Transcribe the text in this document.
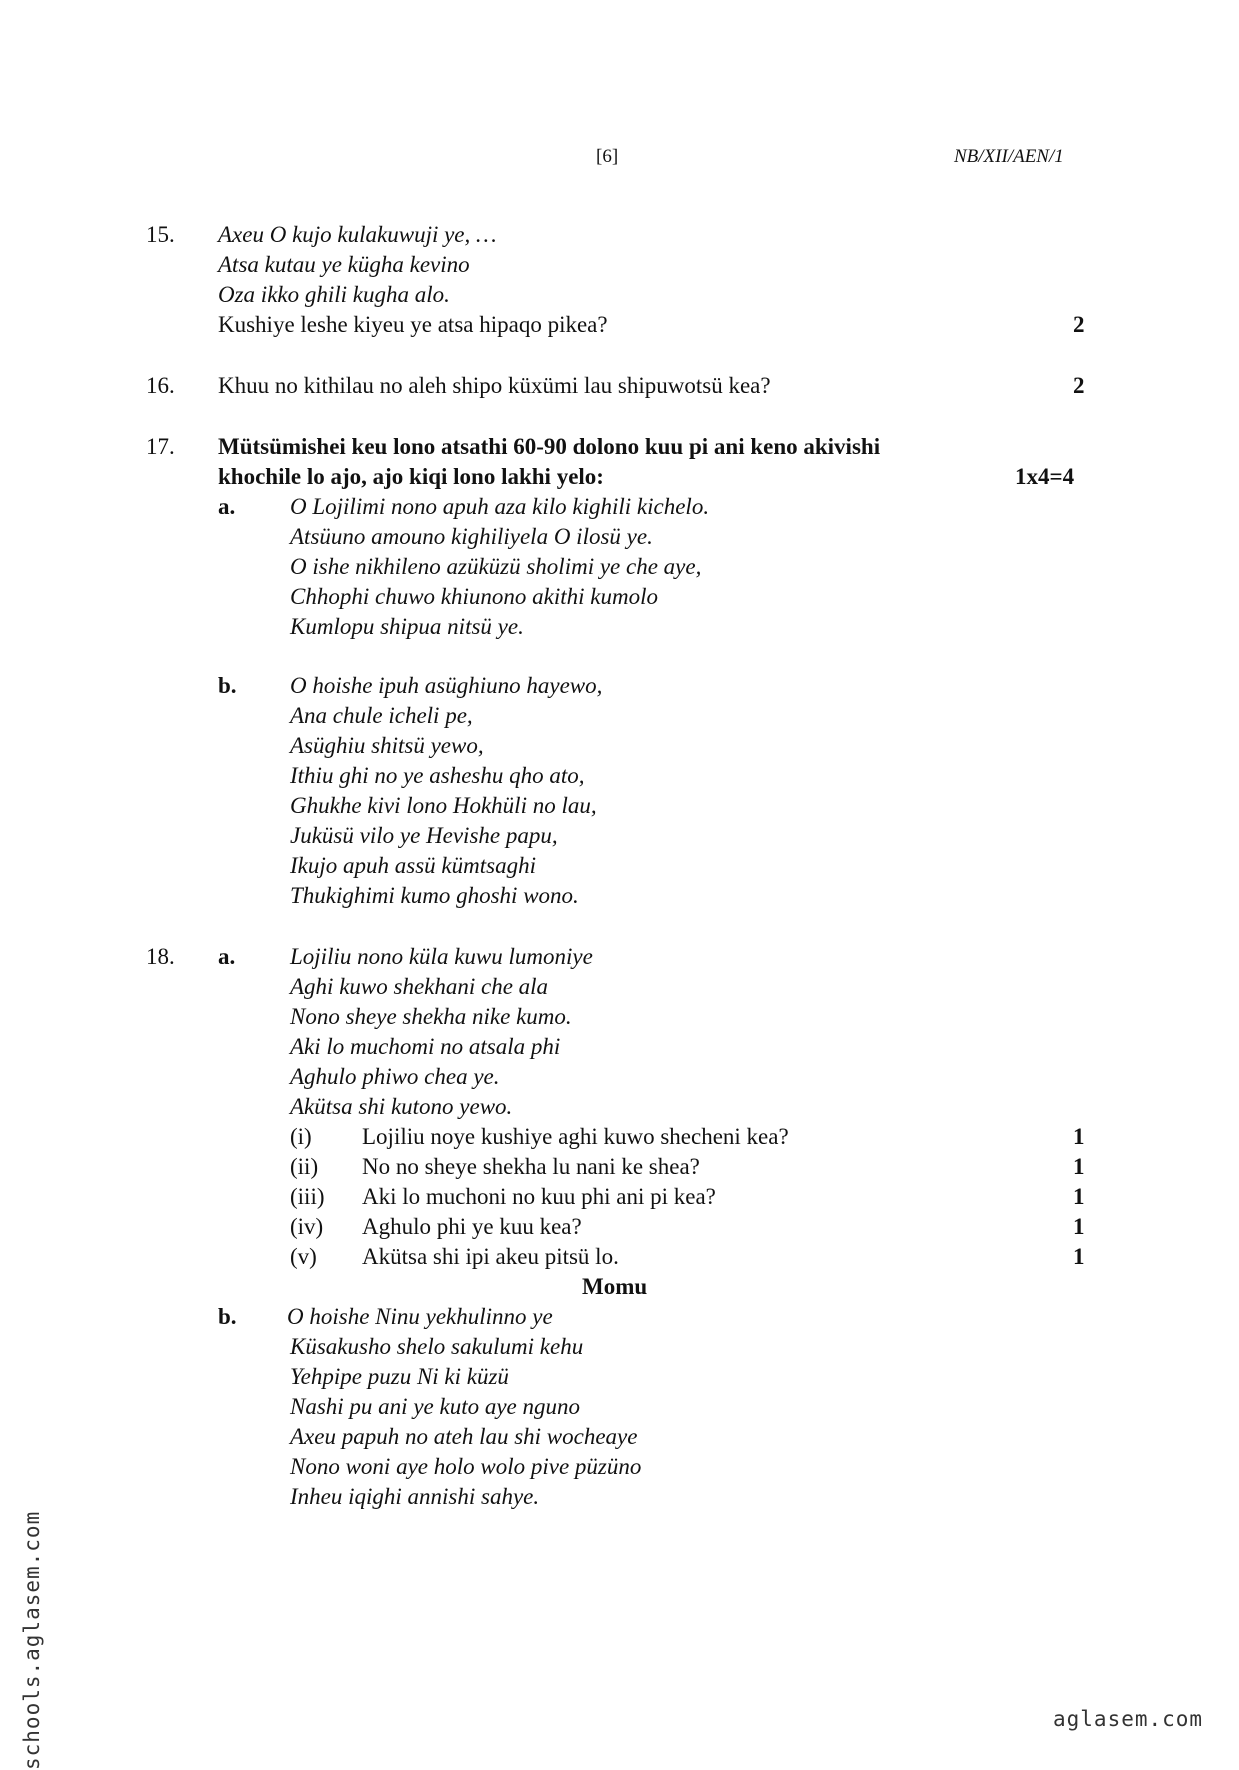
[6]	NB/XII/AEN/1
15. Axeu O kujo kulakuwuji ye, …
Atsa kutau ye kügha kevino
Oza ikko ghili kugha alo.
Kushiye leshe kiyeu ye atsa hipaqo pikea?	2
16. Khuu no kithilau no aleh shipo küxümi lau shipuwotsü kea?	2
17. Mütsümishei keu lono atsathi 60-90 dolono kuu pi ani keno akivishi
khochile lo ajo, ajo kiqi lono lakhi yelo:	1x4=4
a. O Lojilimi nono apuh aza kilo kighili kichelo.
Atsüuno amouno kighiliyela O ilosü ye.
O ishe nikhileno azüküzü sholimi ye che aye,
Chhophi chuwo khiunono akithi kumolo
Kumlopu shipua nitsü ye.
b. O hoishe ipuh asüghiuno hayewo,
Ana chule icheli pe,
Asüghiu shitsü yewo,
Ithiu ghi no ye asheshu qho ato,
Ghukhe kivi lono Hokhüli no lau,
Juküsü vilo ye Hevishe papu,
Ikujo apuh assü kümtsaghi
Thukighimi kumo ghoshi wono.
18. a. Lojiliu nono küla kuwu lumoniye
Aghi kuwo shekhani che ala
Nono sheye shekha nike kumo.
Aki lo muchomi no atsala phi
Aghulo phiwo chea ye.
Akütsa shi kutono yewo.
(i) Lojiliu noye kushiye aghi kuwo shecheni kea?	1
(ii) No no sheye shekha lu nani ke shea?	1
(iii) Aki lo muchoni no kuu phi ani pi kea?	1
(iv) Aghulo phi ye kuu kea?	1
(v) Akütsa shi ipi akeu pitsü lo.	1
Momu
b. O hoishe Ninu yekhulinno ye
Küsakusho shelo sakulumi kehu
Yehpipe puzu Ni ki küzü
Nashi pu ani ye kuto aye nguno
Axeu papuh no ateh lau shi wocheaye
Nono woni aye holo wolo pive püzüno
Inheu iqighi annishi sahye.
schools.aglasem.com	aglasem.com
